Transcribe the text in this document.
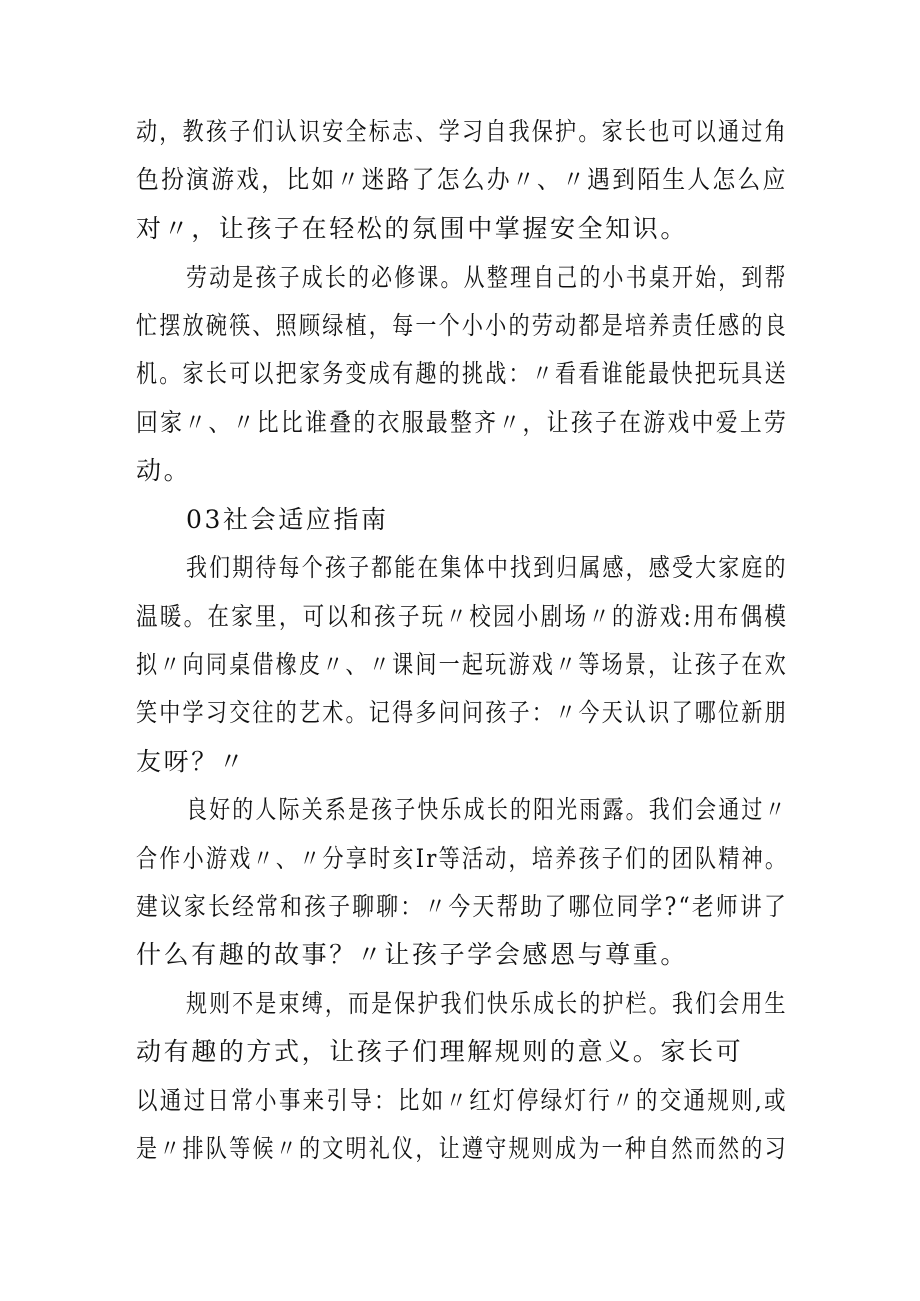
动，教孩子们认识安全标志、学习自我保护。家长也可以通过角
色扮演游戏，比如〃迷路了怎么办〃、〃遇到陌生人怎么应
对〃，让孩子在轻松的氛围中掌握安全知识。
劳动是孩子成长的必修课。从整理自己的小书桌开始，到帮
忙摆放碗筷、照顾绿植，每一个小小的劳动都是培养责任感的良
机。家长可以把家务变成有趣的挑战：〃看看谁能最快把玩具送
回家〃、〃比比谁叠的衣服最整齐〃，让孩子在游戏中爱上劳
动。
03社会适应指南
我们期待每个孩子都能在集体中找到归属感，感受大家庭的
温暖。在家里，可以和孩子玩〃校园小剧场〃的游戏:用布偶模
拟〃向同桌借橡皮〃、〃课间一起玩游戏〃等场景，让孩子在欢
笑中学习交往的艺术。记得多问问孩子：〃今天认识了哪位新朋
友呀？〃
良好的人际关系是孩子快乐成长的阳光雨露。我们会通过〃
合作小游戏〃、〃分享时亥Ir等活动，培养孩子们的团队精神。
建议家长经常和孩子聊聊：〃今天帮助了哪位同学?“老师讲了
什么有趣的故事？〃让孩子学会感恩与尊重。
规则不是束缚，而是保护我们快乐成长的护栏。我们会用生
动有趣的方式，让孩子们理解规则的意义。家长可
以通过日常小事来引导：比如〃红灯停绿灯行〃的交通规则,或
是〃排队等候〃的文明礼仪，让遵守规则成为一种自然而然的习
